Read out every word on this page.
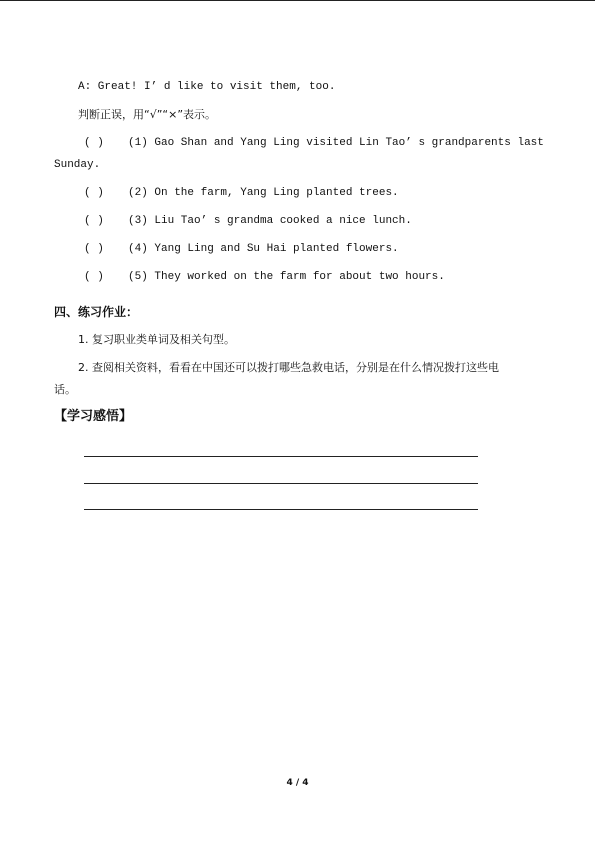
A: Great! I’ d like to visit them, too.
判断正误，用“√”“×”表示。
( ) (1) Gao Shan and Yang Ling visited Lin Tao’ s grandparents last
Sunday.
( ) (2) On the farm, Yang Ling planted trees.
( ) (3) Liu Tao’ s grandma cooked a nice lunch.
( ) (4) Yang Ling and Su Hai planted flowers.
( ) (5) They worked on the farm for about two hours.
四、练习作业：
1. 复习职业类单词及相关句型。
2. 查阅相关资料，看看在中国还可以拨打哪些急救电话，分别是在什么情况拨打这些电
话。
【学习感悟】
4 / 4
